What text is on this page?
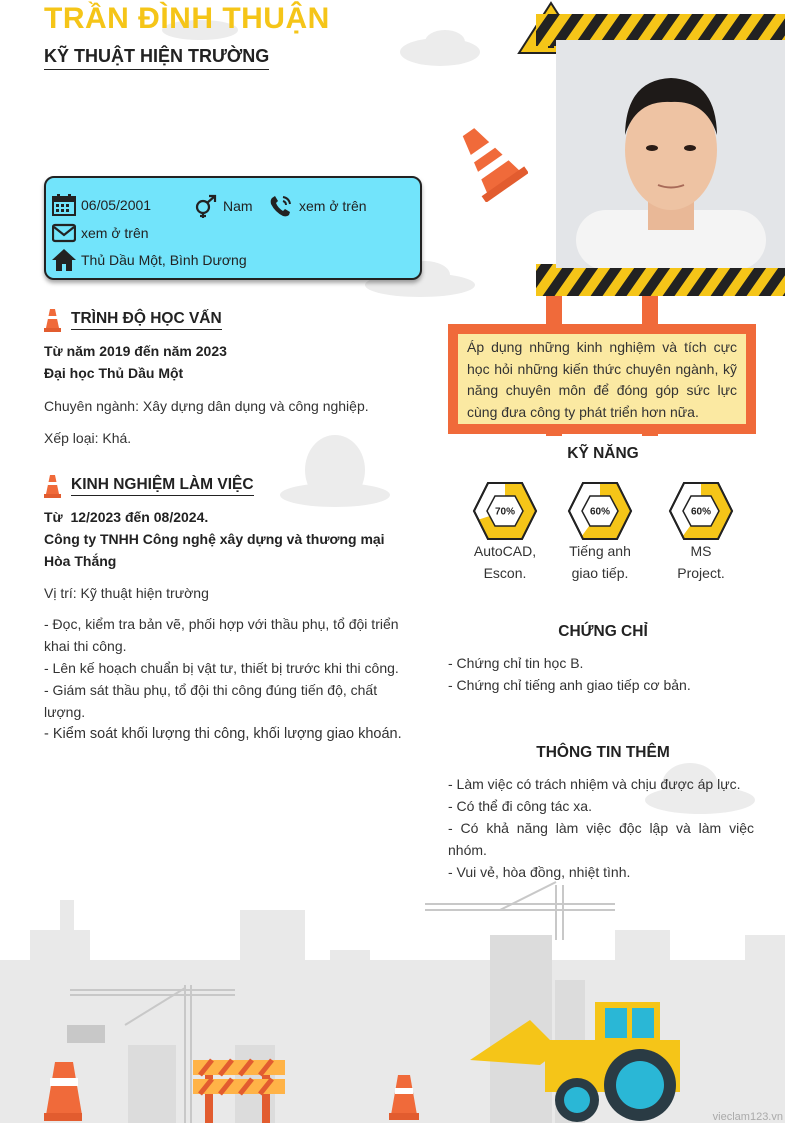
TRẦN ĐÌNH THUẬN
KỸ THUẬT HIỆN TRƯỜNG
06/05/2001	Nam	xem ở trên
xem ở trên
Thủ Dầu Một, Bình Dương
TRÌNH ĐỘ HỌC VẤN
Từ năm 2019 đến năm 2023
Đại học Thủ Dầu Một
Chuyên ngành: Xây dựng dân dụng và công nghiệp.
Xếp loại: Khá.
KINH NGHIỆM LÀM VIỆC
Từ  12/2023 đến 08/2024.
Công ty TNHH Công nghệ xây dựng và thương mại Hòa Thắng
Vị trí: Kỹ thuật hiện trường
- Đọc, kiểm tra bản vẽ, phối hợp với thầu phụ, tổ đội triển khai thi công.
- Lên kế hoạch chuẩn bị vật tư, thiết bị trước khi thi công.
- Giám sát thầu phụ, tổ đội thi công đúng tiến độ, chất lượng.
- Kiểm soát khối lượng thi công, khối lượng giao khoán.
Áp dụng những kinh nghiệm và tích cực học hỏi những kiến thức chuyên ngành, kỹ năng chuyên môn để đóng góp sức lực cùng đưa công ty phát triển hơn nữa.
KỸ NĂNG
70%
AutoCAD, Escon.
60%
Tiếng anh giao tiếp.
60%
MS Project.
CHỨNG CHỈ
- Chứng chỉ tin học B.
- Chứng chỉ tiếng anh giao tiếp cơ bản.
THÔNG TIN THÊM
- Làm việc có trách nhiệm và chịu được áp lực.
- Có thể đi công tác xa.
- Có khả năng làm việc độc lập và làm việc nhóm.
- Vui vẻ, hòa đồng, nhiệt tình.
vieclam123.vn
